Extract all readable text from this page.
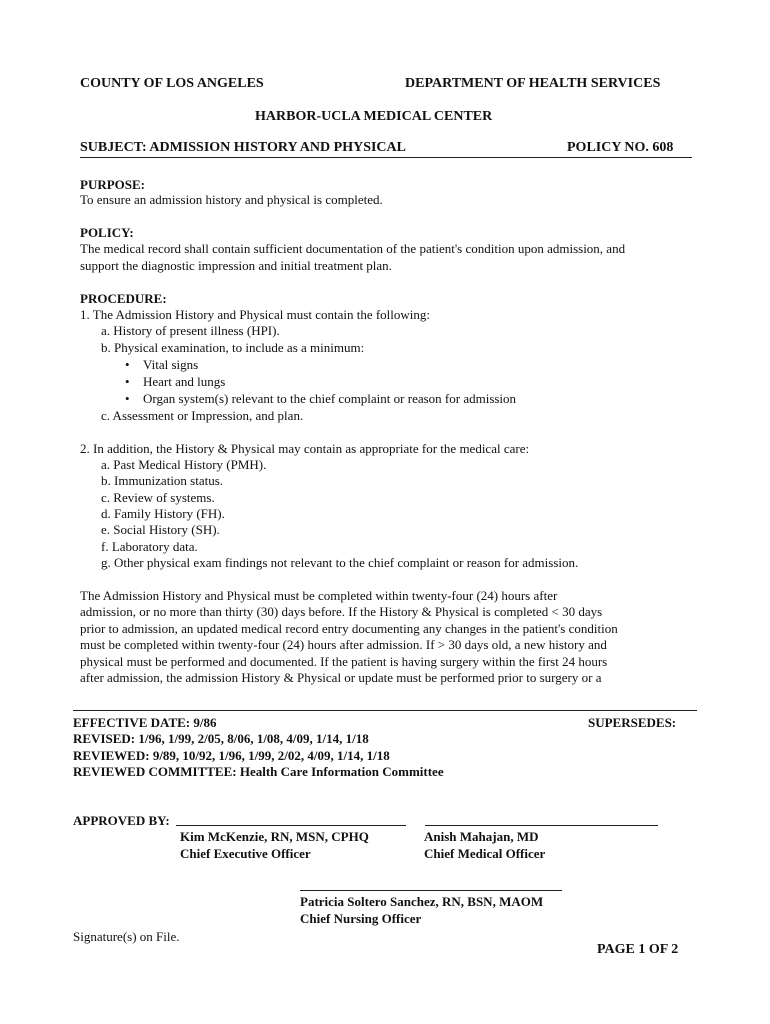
COUNTY OF LOS ANGELES	DEPARTMENT OF HEALTH SERVICES
HARBOR-UCLA MEDICAL CENTER
SUBJECT: ADMISSION HISTORY AND PHYSICAL	POLICY NO. 608
PURPOSE:
To ensure an admission history and physical is completed.
POLICY:
The medical record shall contain sufficient documentation of the patient's condition upon admission, and
support the diagnostic impression and initial treatment plan.
PROCEDURE:
1. The Admission History and Physical must contain the following:
a. History of present illness (HPI).
b. Physical examination, to include as a minimum:
• Vital signs
• Heart and lungs
• Organ system(s) relevant to the chief complaint or reason for admission
c. Assessment or Impression, and plan.
2. In addition, the History & Physical may contain as appropriate for the medical care:
a. Past Medical History (PMH).
b. Immunization status.
c. Review of systems.
d. Family History (FH).
e. Social History (SH).
f. Laboratory data.
g. Other physical exam findings not relevant to the chief complaint or reason for admission.
The Admission History and Physical must be completed within twenty-four (24) hours after
admission, or no more than thirty (30) days before. If the History & Physical is completed < 30 days
prior to admission, an updated medical record entry documenting any changes in the patient's condition
must be completed within twenty-four (24) hours after admission. If > 30 days old, a new history and
physical must be performed and documented. If the patient is having surgery within the first 24 hours
after admission, the admission History & Physical or update must be performed prior to surgery or a
EFFECTIVE DATE: 9/86	SUPERSEDES:
REVISED: 1/96, 1/99, 2/05, 8/06, 1/08, 4/09, 1/14, 1/18
REVIEWED: 9/89, 10/92, 1/96, 1/99, 2/02, 4/09, 1/14, 1/18
REVIEWED COMMITTEE: Health Care Information Committee
APPROVED BY:
Kim McKenzie, RN, MSN, CPHQ
Chief Executive Officer
Anish Mahajan, MD
Chief Medical Officer
Patricia Soltero Sanchez, RN, BSN, MAOM
Chief Nursing Officer
Signature(s) on File.
PAGE 1 OF 2
